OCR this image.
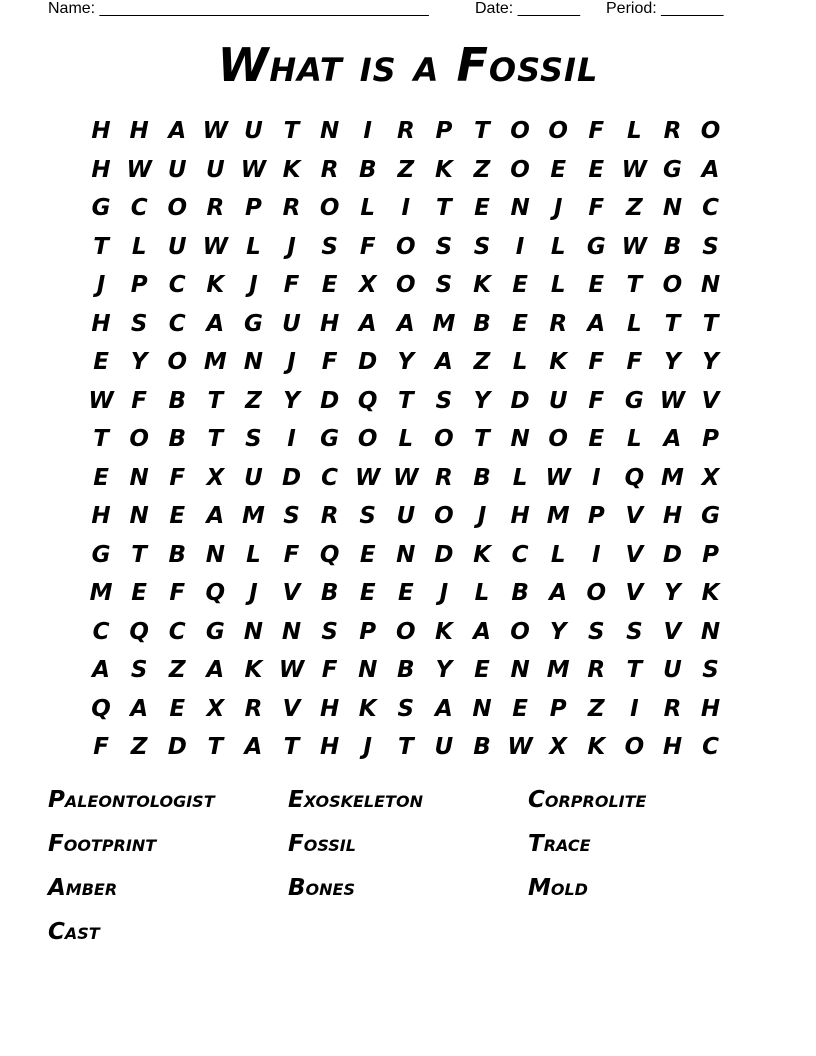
Name: _____________________________________	Date: _______ Period: _______
What is a Fossil
H H A W U T N	I	R P T O O F L R O
H W U U W K R B Z K Z O E E W G A
G C O R P R O L	I	T E N	J	F Z N C
T L U W L	J	S F O S S	I	L G W B S
J	P C K	J	F E X O S K E L E T O N
H S C A G U H A A M B E R A L T T
E Y O M N	J	F D Y A Z L K F F Y Y
W F B T Z Y D Q T S Y D U F G W V
T O B T S	I	G O L O T N O E L A P
E N F X U D C W W R B L W I	Q M X
H N E A M S R S U O	J	H M P V H G
G T B N L F Q E N D K C L	I	V D P
M E F Q	J	V B E E	J	L B A O V Y K
C Q C G N N S P O K A O Y S S V N
A S Z A K W F N B Y E N M R T U S
Q A E X R V H K S A N E P Z	I	R H
F Z D T A T H	J	T U B W X K O H C
Paleontologist	Exoskeleton	Corprolite
Footprint	Fossil	Trace
Amber	Bones	Mold
Cast
